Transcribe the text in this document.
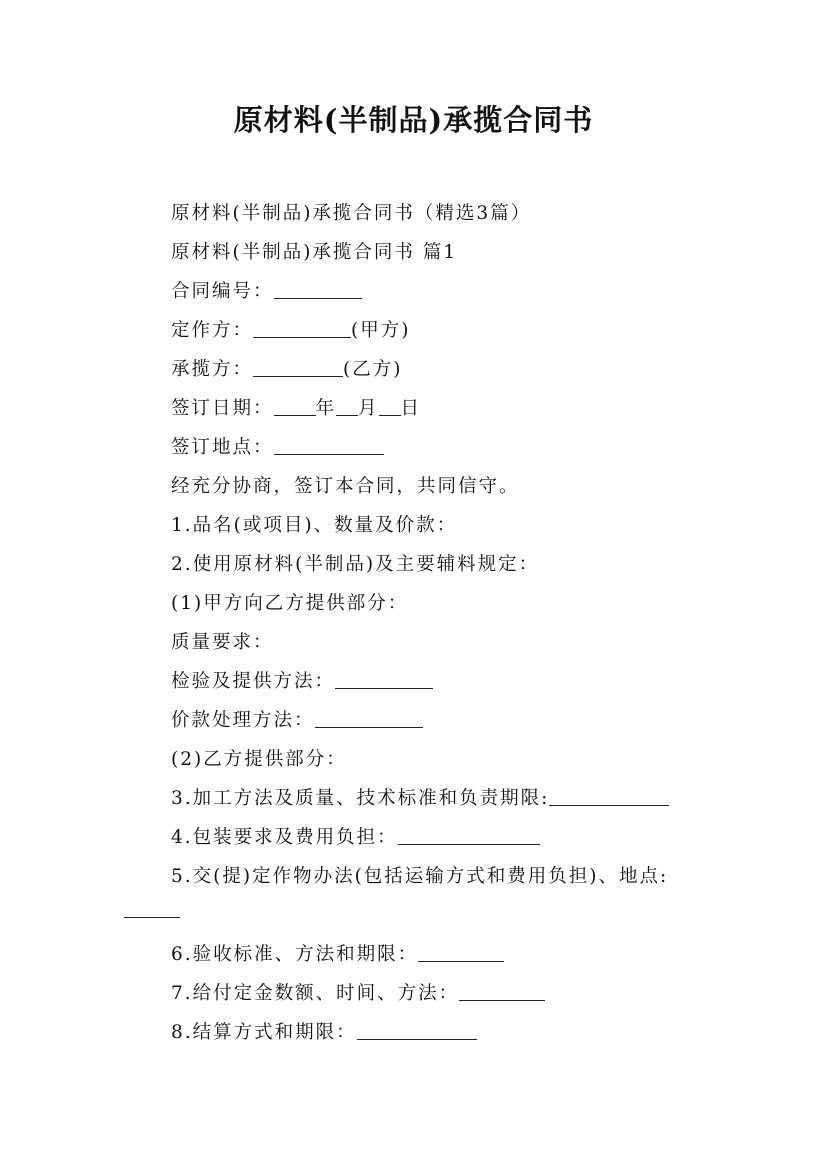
原材料(半制品)承揽合同书
原材料(半制品)承揽合同书（精选3篇）
原材料(半制品)承揽合同书 篇1
合同编号：
定作方：	(甲方)
承揽方：	(乙方)
签订日期： 年 月 日
签订地点：
经充分协商，签订本合同，共同信守。
1.品名(或项目)、数量及价款：
2.使用原材料(半制品)及主要辅料规定：
(1)甲方向乙方提供部分：
质量要求：
检验及提供方法：
价款处理方法：
(2)乙方提供部分：
3.加工方法及质量、技术标准和负责期限:
4.包装要求及费用负担：
5.交(提)定作物办法(包括运输方式和费用负担)、地点:
6.验收标准、方法和期限：
7.给付定金数额、时间、方法：
8.结算方式和期限：
